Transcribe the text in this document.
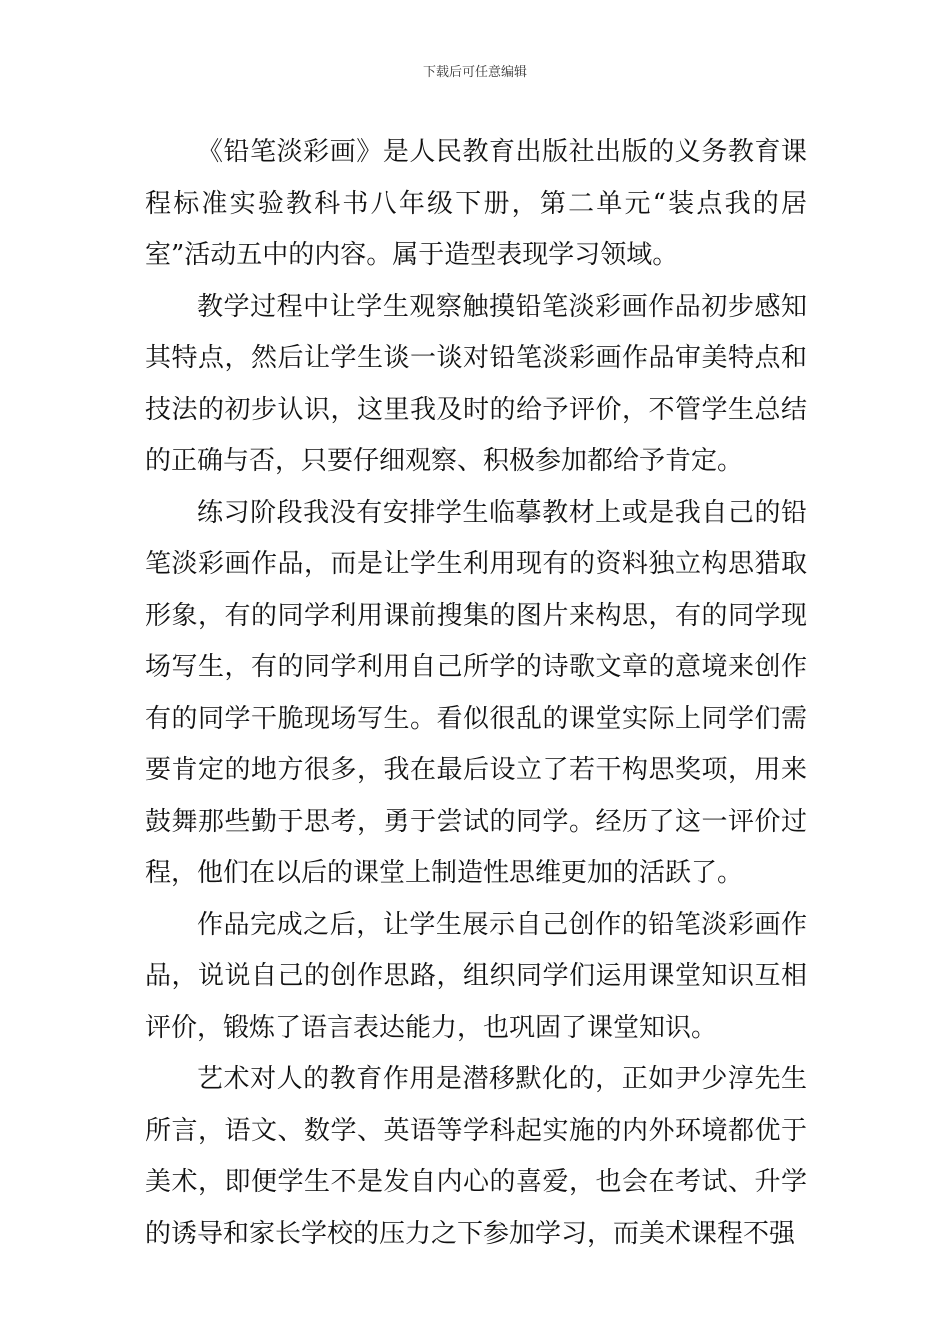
下载后可任意编辑

《铅笔淡彩画》是人民教育出版社出版的义务教育课程标准实验教科书八年级下册，第二单元“装点我的居室”活动五中的内容。属于造型表现学习领域。

教学过程中让学生观察触摸铅笔淡彩画作品初步感知其特点，然后让学生谈一谈对铅笔淡彩画作品审美特点和技法的初步认识，这里我及时的给予评价，不管学生总结的正确与否，只要仔细观察、积极参加都给予肯定。

练习阶段我没有安排学生临摹教材上或是我自己的铅笔淡彩画作品，而是让学生利用现有的资料独立构思猎取形象，有的同学利用课前搜集的图片来构思，有的同学现场写生，有的同学利用自己所学的诗歌文章的意境来创作有的同学干脆现场写生。看似很乱的课堂实际上同学们需要肯定的地方很多，我在最后设立了若干构思奖项，用来鼓舞那些勤于思考，勇于尝试的同学。经历了这一评价过程，他们在以后的课堂上制造性思维更加的活跃了。

作品完成之后，让学生展示自己创作的铅笔淡彩画作品，说说自己的创作思路，组织同学们运用课堂知识互相评价，锻炼了语言表达能力，也巩固了课堂知识。

艺术对人的教育作用是潜移默化的，正如尹少淳先生所言，语文、数学、英语等学科起实施的内外环境都优于美术，即便学生不是发自内心的喜爱，也会在考试、升学的诱导和家长学校的压力之下参加学习，而美术课程不强
